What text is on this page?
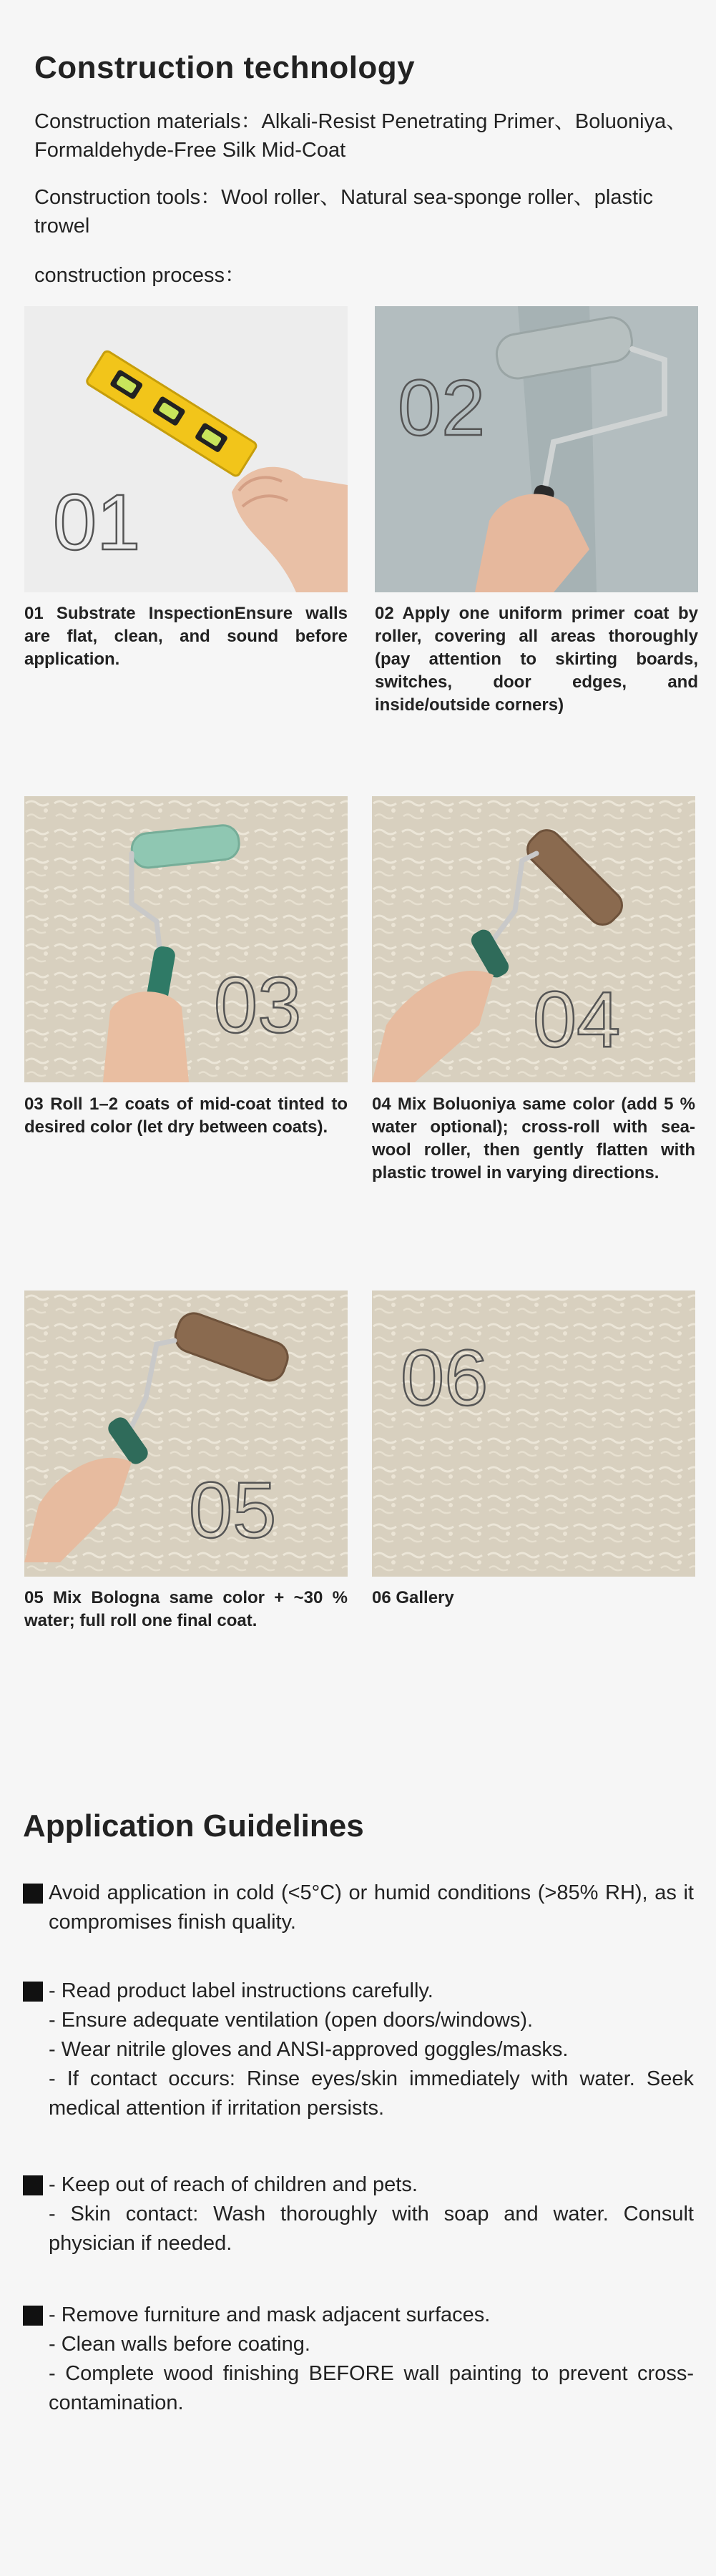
Construction technology
Construction materials：Alkali-Resist Penetrating Primer、Boluoniya、 Formaldehyde-Free Silk Mid-Coat
Construction tools：Wool roller、Natural sea-sponge roller、plastic trowel
construction process：
01
01 Substrate InspectionEnsure walls are flat, clean, and sound before application.
02
02 Apply one uniform primer coat by roller, covering all areas thoroughly (pay attention to skirting boards, switches, door edges, and inside/outside corners)
03
03 Roll 1–2 coats of mid-coat tinted to desired color (let dry between coats).
04
04 Mix Boluoniya same color (add 5 % water optional); cross-roll with sea-wool roller, then gently flatten with plastic trowel in varying directions.
05
05 Mix Bologna same color + ~30 % water; full roll one final coat.
06
06 Gallery
Application Guidelines
Avoid application in cold (<5°C) or humid conditions (>85% RH), as it compromises finish quality.
- Read product label instructions carefully.
- Ensure adequate ventilation (open doors/windows).
- Wear nitrile gloves and ANSI-approved goggles/masks.
- If contact occurs: Rinse eyes/skin immediately with water. Seek medical attention if irritation persists.
- Keep out of reach of children and pets.
- Skin contact: Wash thoroughly with soap and water. Consult physician if needed.
- Remove furniture and mask adjacent surfaces.
- Clean walls before coating.
- Complete wood finishing BEFORE wall painting to prevent cross-contamination.
